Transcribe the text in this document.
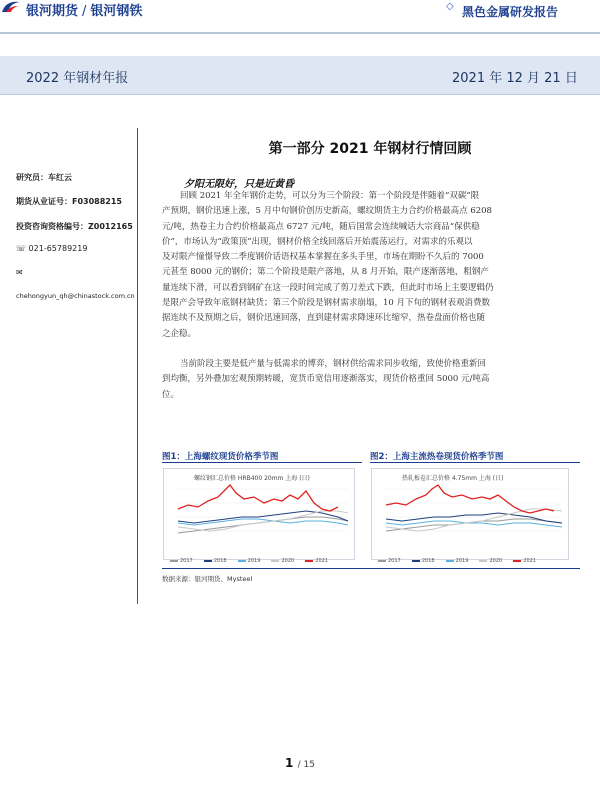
银河期货 / 银河钢铁	◇ 黑色金属研发报告
2022 年钢材年报	2021 年 12 月 21 日
研究员：车红云
期货从业证号：F03088215
投资咨询资格编号：Z0012165
☏ 021-65789219
✉
chehongyun_qh@chinastock.com.cn
第一部分 2021 年钢材行情回顾
夕阳无限好，只是近黄昏
回顾 2021 年全年钢价走势，可以分为三个阶段：第一个阶段是伴随着“双碳”限
产预期，钢价迅速上涨，5 月中旬钢价创历史新高，螺纹期货主力合约价格最高点 6208
元/吨，热卷主力合约价格最高点 6727 元/吨，随后国常会连续喊话大宗商品“保供稳
价”，市场认为“政策顶”出现，钢材价格全线回落后开始震荡运行，对需求的乐观以
及对限产憧憬导致二季度钢价话语权基本掌握在多头手里，市场在期盼不久后的 7000
元甚至 8000 元的钢价；第二个阶段是限产落地，从 8 月开始，限产逐渐落地，粗钢产
量连续下滑，可以看到钢矿在这一段时间完成了剪刀差式下跌，但此时市场上主要逻辑仍
是限产会导致年底钢材缺货；第三个阶段是钢材需求崩塌，10 月下旬的钢材表观消费数
据连续不及预期之后，钢价迅速回落，直到建材需求降速环比缩窄，热卷盘面价格也随
之企稳。
当前阶段主要是低产量与低需求的博弈，钢材供给需求同步收缩，致使价格重新回
到均衡，另外叠加宏观预期转暖，宽货币宽信用逐渐落实，现货价格重回 5000 元/吨高
位。
图1：上海螺纹现货价格季节图	图2：上海主流热卷现货价格季节图
螺纹钢汇总价格 HRB400 20mm 上海 (日)
2017	2018	2019	2020	2021
热轧板卷汇总价格 4.75mm 上海 (日)
2017	2018	2019	2020	2021
数据来源：银河期货、Mysteel
1 / 15
